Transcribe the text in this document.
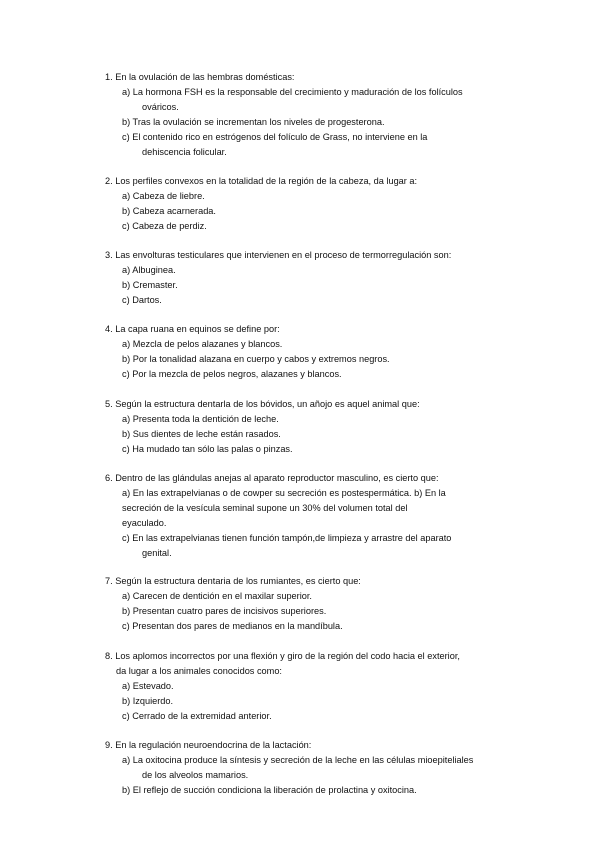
1. En la ovulación de las hembras domésticas:
a) La hormona FSH es la responsable del crecimiento y maduración de los folículos
ováricos.
b) Tras la ovulación se incrementan los niveles de progesterona.
c) El contenido rico en estrógenos del folículo de Grass, no interviene en la
dehiscencia folicular.
2. Los perfiles convexos en la totalidad de la región de la cabeza, da lugar a:
a) Cabeza de liebre.
b) Cabeza acarnerada.
c) Cabeza de perdiz.
3. Las envolturas testiculares que intervienen en el proceso de termorregulación son:
a) Albuginea.
b) Cremaster.
c) Dartos.
4. La capa ruana en equinos se define por:
a) Mezcla de pelos alazanes y blancos.
b) Por la tonalidad alazana en cuerpo y cabos y extremos negros.
c) Por la mezcla de pelos negros, alazanes y blancos.
5. Según la estructura dentarla de los bóvidos, un añojo es aquel animal que:
a) Presenta toda la dentición de leche.
b) Sus dientes de leche están rasados.
c) Ha mudado tan sólo las palas o pinzas.
6. Dentro de las glándulas anejas al aparato reproductor masculino, es cierto que:
a) En las extrapelvianas o de cowper su secreción es postespermática. b) En la
secreción de la vesícula seminal supone un 30% del volumen total del
eyaculado.
c) En las extrapelvianas tienen función tampón,de limpieza y arrastre del aparato
genital.
7. Según la estructura dentaria de los rumiantes, es cierto que:
a) Carecen de dentición en el maxilar superior.
b) Presentan cuatro pares de incisivos superiores.
c) Presentan dos pares de medianos en la mandíbula.
8. Los aplomos incorrectos por una flexión y giro de la región del codo hacia el exterior,
da lugar a los animales conocidos como:
a) Estevado.
b) Izquierdo.
c) Cerrado de la extremidad anterior.
9. En la regulación neuroendocrina de la lactación:
a) La oxitocina produce la síntesis y secreción de la leche en las células mioepiteliales
de los alveolos mamarios.
b) El reflejo de succión condiciona la liberación de prolactina y oxitocina.
